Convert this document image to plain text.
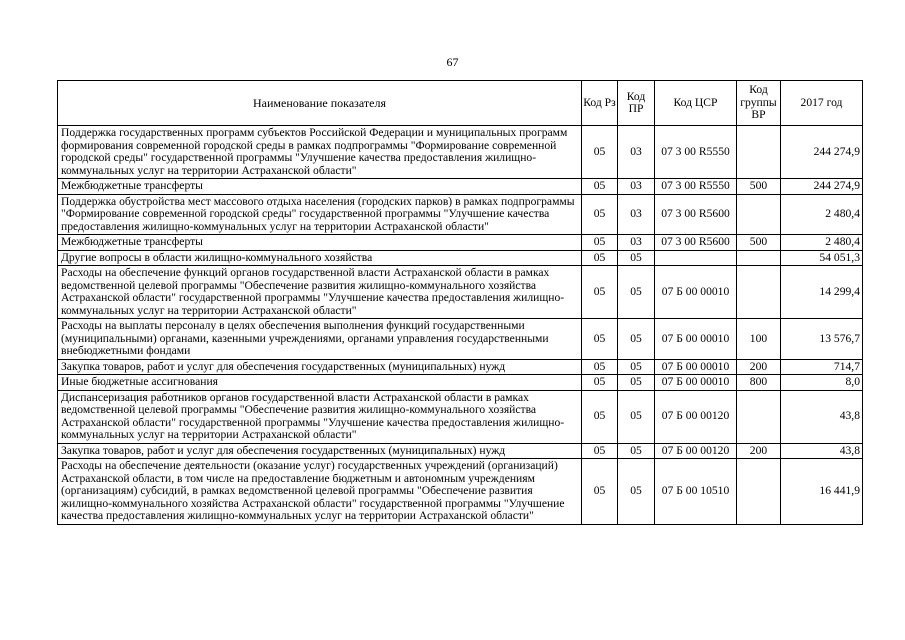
67
Наименование показателя	Код Рз	Код ПР	Код ЦСР	Код группы ВР	2017 год
Поддержка государственных программ субъектов Российской Федерации и муниципальных программ формирования современной городской среды в рамках подпрограммы "Формирование современной городской среды" государственной программы "Улучшение качества предоставления жилищно-коммунальных услуг на территории Астраханской области"	05	03	07 3 00 R5550		244 274,9
Межбюджетные трансферты	05	03	07 3 00 R5550	500	244 274,9
Поддержка обустройства мест массового отдыха населения (городских парков) в рамках подпрограммы "Формирование современной городской среды" государственной программы "Улучшение качества предоставления жилищно-коммунальных услуг на территории Астраханской области"	05	03	07 3 00 R5600		2 480,4
Межбюджетные трансферты	05	03	07 3 00 R5600	500	2 480,4
Другие вопросы в области жилищно-коммунального хозяйства	05	05			54 051,3
Расходы на обеспечение функций органов государственной власти Астраханской области в рамках ведомственной целевой программы "Обеспечение развития жилищно-коммунального хозяйства Астраханской области" государственной программы "Улучшение качества предоставления жилищно-коммунальных услуг на территории Астраханской области"	05	05	07 Б 00 00010		14 299,4
Расходы на выплаты персоналу в целях обеспечения выполнения функций государственными (муниципальными) органами, казенными учреждениями, органами управления государственными внебюджетными фондами	05	05	07 Б 00 00010	100	13 576,7
Закупка товаров, работ и услуг для обеспечения государственных (муниципальных) нужд	05	05	07 Б 00 00010	200	714,7
Иные бюджетные ассигнования	05	05	07 Б 00 00010	800	8,0
Диспансеризация работников органов государственной власти Астраханской области в рамках ведомственной целевой программы "Обеспечение развития жилищно-коммунального хозяйства Астраханской области" государственной программы "Улучшение качества предоставления жилищно-коммунальных услуг на территории Астраханской области"	05	05	07 Б 00 00120		43,8
Закупка товаров, работ и услуг для обеспечения государственных (муниципальных) нужд	05	05	07 Б 00 00120	200	43,8
Расходы на обеспечение деятельности (оказание услуг) государственных учреждений (организаций) Астраханской области, в том числе на предоставление бюджетным и автономным учреждениям (организациям) субсидий, в рамках ведомственной целевой программы "Обеспечение развития жилищно-коммунального хозяйства Астраханской области" государственной программы "Улучшение качества предоставления жилищно-коммунальных услуг на территории Астраханской области"	05	05	07 Б 00 10510		16 441,9
